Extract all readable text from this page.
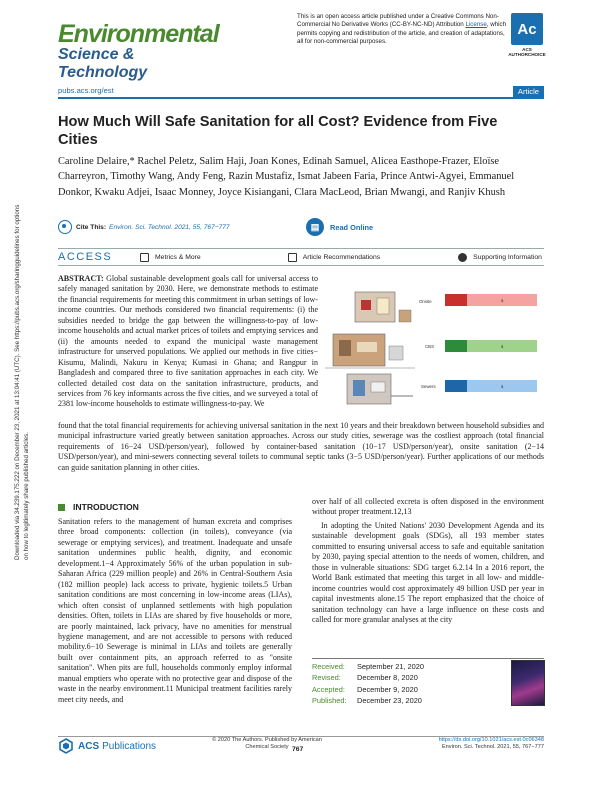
Environmental
Science & Technology
This is an open access article published under a Creative Commons Non-Commercial No Derivative Works (CC-BY-NC-ND) Attribution License, which permits copying and redistribution of the article, and creation of adaptations, all for non-commercial purposes.
Ac
ACS AUTHORCHOICE
pubs.acs.org/est	Article
How Much Will Safe Sanitation for all Cost? Evidence from Five Cities
Caroline Delaire,* Rachel Peletz, Salim Haji, Joan Kones, Edinah Samuel, Alicea Easthope-Frazer, Eloïse Charreyron, Timothy Wang, Andy Feng, Razin Mustafiz, Ismat Jabeen Faria, Prince Antwi-Agyei, Emmanuel Donkor, Kwaku Adjei, Isaac Monney, Joyce Kisiangani, Clara MacLeod, Brian Mwangi, and Ranjiv Khush
Cite This: Environ. Sci. Technol. 2021, 55, 767−777	▤	Read Online
ACCESS	Metrics & More	Article Recommendations	Supporting Information
ABSTRACT: Global sustainable development goals call for universal access to safely managed sanitation by 2030. Here, we demonstrate methods to estimate the financial requirements for meeting this commitment in urban settings of low-income countries. Our methods considered two financial requirements: (i) the subsidies needed to bridge the gap between the willingness-to-pay of low-income households and actual market prices of toilets and emptying services and (ii) the amounts needed to expand the municipal waste management infrastructure for unserved populations. We applied our methods in five cities− Kisumu, Malindi, Nakuru in Kenya; Kumasi in Ghana; and Rangpur in Bangladesh and compared three to five sanitation approaches in each city. We collected detailed cost data on the sanitation infrastructure, products, and services from 76 key informants across the five cities, and we surveyed a total of 2381 low-income households to estimate willingness-to-pay. We
found that the total financial requirements for achieving universal sanitation in the next 10 years and their breakdown between household subsidies and municipal infrastructure varied greatly between sanitation approaches. Across our study cities, sewerage was the costliest approach (total financial requirements of 16−24 USD/person/year), followed by container-based sanitation (10−17 USD/person/year), onsite sanitation (2−14 USD/person/year), and mini-sewers connecting several toilets to communal septic tanks (3−5 USD/person/year). Further applications of our methods can guide sanitation planning in other cities.
$
$
$
Onsite
CBS
Sewers
Downloaded via 34.239.175.222 on December 23, 2021 at 13:04:41 (UTC). See https://pubs.acs.org/sharingguidelines for options on how to legitimately share published articles.	INTRODUCTION
Sanitation refers to the management of human excreta and comprises three broad components: collection (in toilets), conveyance (via sewerage or emptying services), and treatment. Inadequate and unsafe sanitation undermines public health, dignity, and economic development.1−4 Approximately 56% of the urban population in sub-Saharan Africa (229 million people) and 26% in Central-Southern Asia (182 million people) lack access to private, hygienic toilets.5 Urban sanitation conditions are most concerning in low-income areas (LIAs), which often consist of unplanned settlements with high population densities. Often, toilets in LIAs are shared by five households or more, are poorly maintained, lack privacy, have no amenities for menstrual hygiene management, and are not accessible to persons with reduced mobility.6−10 Sewerage is minimal in LIAs and toilets are generally built over containment pits, an approach referred to as "onsite sanitation". When pits are full, households commonly employ informal manual emptiers who operate with no protective gear and dispose of the waste in the nearby environment.11 Municipal treatment facilities rarely meet city needs, and
over half of all collected excreta is often disposed in the environment without proper treatment.12,13
In adopting the United Nations' 2030 Development Agenda and its sustainable development goals (SDGs), all 193 member states committed to ensuring universal access to safe and equitable sanitation by 2030, paying special attention to the needs of women, children, and those in vulnerable situations: SDG target 6.2.14 In a 2016 report, the World Bank estimated that meeting this target in all low- and middle-income countries would cost approximately 49 billion USD per year in capital investments alone.15 The report emphasized that the choice of sanitation technology can have a large influence on these costs and called for more granular analyses at the city
Received:	September 21, 2020
Revised:	December 8, 2020
Accepted:	December 9, 2020
Published:	December 23, 2020
ACS Publications
© 2020 The Authors. Published by American Chemical Society 767
https://dx.doi.org/10.1021/acs.est.0c06348
Environ. Sci. Technol. 2021, 55, 767−777
